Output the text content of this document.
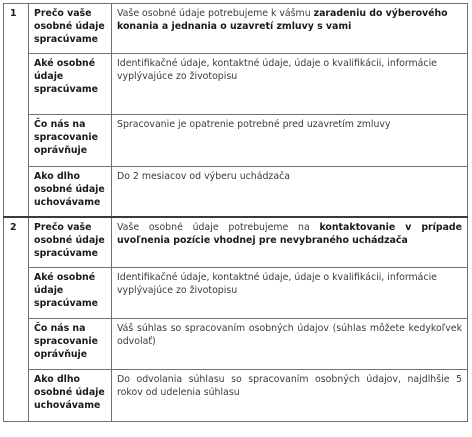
1	Prečo vaše osobné údaje spracúvame	Vaše osobné údaje potrebujeme k vášmu zaradeniu do výberového konania a jednania o uzavretí zmluvy s vami
	Aké osobné údaje spracúvame	Identifikačné údaje, kontaktné údaje, údaje o kvalifikácii, informácie vyplývajúce zo životopisu
	Čo nás na spracovanie oprávňuje	Spracovanie je opatrenie potrebné pred uzavretím zmluvy
	Ako dlho osobné údaje uchovávame	Do 2 mesiacov od výberu uchádzača
2	Prečo vaše osobné údaje spracúvame	Vaše osobné údaje potrebujeme na kontaktovanie v prípade uvoľnenia pozície vhodnej pre nevybraného uchádzača
	Aké osobné údaje spracúvame	Identifikačné údaje, kontaktné údaje, údaje o kvalifikácii, informácie vyplývajúce zo životopisu
	Čo nás na spracovanie oprávňuje	Váš súhlas so spracovaním osobných údajov (súhlas môžete kedykoľvek odvolať)
	Ako dlho osobné údaje uchovávame	Do odvolania súhlasu so spracovaním osobných údajov, najdlhšie 5 rokov od udelenia súhlasu
